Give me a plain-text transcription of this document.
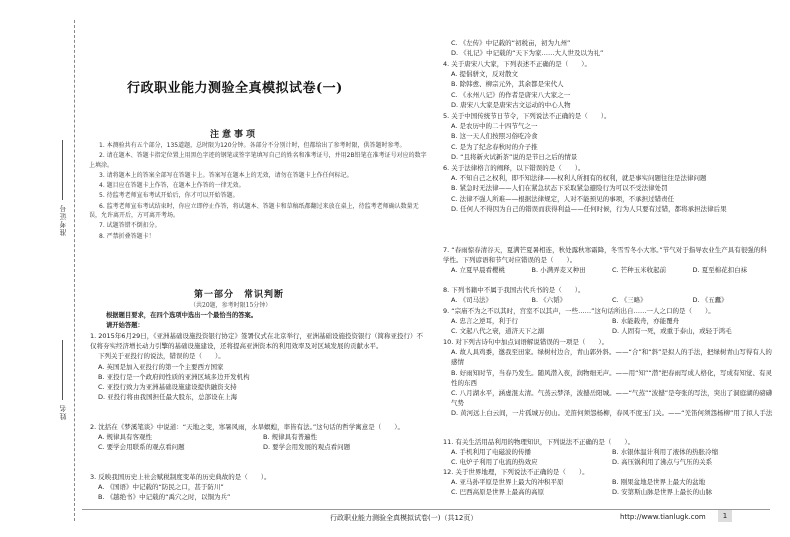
准考证号
姓名
行政职业能力测验全真模拟试卷(一)
注意事项

1. 本测验共有五个部分，135道题，总时限为120分钟。各部分不分别计时，但都给出了参考时限，供答题时参考。

2. 请在题本、答题卡指定位置上用黑色字迹的钢笔或签字笔填写自己的姓名和准考证号，并用2B铅笔在准考证号对应的数字上填涂。

3. 请将题本上的答案全部写在答题卡上。答案写在题本上的无效，请勿在答题卡上作任何标记。

4. 题目应在答题卡上作答，在题本上作答的一律无效。

5. 待监考老师宣布考试开始后，你才可以开始答题。

6. 监考老师宣布考试结束时，你应立即停止作答，将试题本、答题卡和草稿纸都翻过来放在桌上，待监考老师确认数量无误，允许离开后，方可离开考场。

7. 试题答错不倒扣分。

8. 严禁折叠答题卡！

第一部分　常识判断
（共20题，参考时限15分钟）
根据题目要求，在四个选项中选出一个最恰当的答案。
请开始答题：

1. 2015年6月29日，《亚洲基础设施投资银行协定》签署仪式在北京举行，亚洲基础设施投资银行（简称亚投行）不仅将夯实经济增长动力引擎的基础设施建设，还将提高亚洲资本的利用效率及对区域发展的贡献水平。

下列关于亚投行的说法，错误的是（　　）。

A. 英国是加入亚投行的第一个主要西方国家

B. 亚投行是一个政府间性质的亚洲区域多边开发机构

C. 亚投行致力为亚洲基础设施建设提供融资支持

D. 亚投行将由我国担任最大股东，总部设在上海

2. 沈括在《梦溪笔谈》中说道：“天地之变，寒暑风雨，水旱螟蝗，率皆有法。”这句话的哲学寓意是（　　）。

A. 规律具有客观性	B. 规律具有普遍性
C. 要学会用联系的观点看问题	D. 要学会用发展的观点看问题

3. 反映我国历史上社会赋税制度变革的历史典故的是（　　）。

A. 《国语》中记载的“防民之口，甚于防川”

B. 《越绝书》中记载的“禹穴之时，以铜为兵”

C. 《左传》中记载的“初税亩，初为九州”

D. 《礼记》中记载的“天下为家……大人世及以为礼”

4. 关于唐宋八大家，下列表述不正确的是（　　）。

A. 提倡骈文，反对散文

B. 除韩愈、柳宗元外，其余都是宋代人

C. 《永州八记》的作者是唐宋八大家之一

D. 唐宋八大家是唐宋古文运动的中心人物

5. 关于中国传统节日节令，下列说法不正确的是（　　）。

A. 是农历中的二十四节气之一

B. 这一天人们按照习俗吃冷食

C. 是为了纪念春秋时的介子推

D. “且将新火试新茶”说的是节日之后的情景

6. 关于法律格言的阐释，以下错误的是（　　）。

A. 不知自己之权利，即不知法律——权利人所拥有的权利，就是事实问题往往是法律问题

B. 紧急时无法律——人们在紧急状态下采取紧急避险行为可以不受法律处罚

C. 法律不强人所难——根据法律规定，人对不能预见的事项，不承担过错责任

D. 任何人不得因为自己的错误而获得利益——任何时候，行为人只要有过错，都将承担法律后果

7. “春雨惊春清谷天，夏满芒夏暑相连，秋处露秋寒霜降，冬雪雪冬小大寒。”节气对于指导农业生产具有很强的科学性。下列谚语和节气对应错误的是（　　）。

A. 立夏早晨看樱桃	B. 小满弄麦又种田	C. 芒种玉米收起前	D. 夏至棉花扣白袜

8. 下列书籍中不属于我国古代兵书的是（　　）。

A. 《司马法》	B. 《六韬》	C. 《三略》	D. 《五蠹》

9. “宗庙不为之不以其时，宫室不以其声，一些……”这句话所出自……一人之口的是（　　）。

A. 忠言之逆耳，利于行	B. 水能载舟，亦能覆舟
C. 文起八代之衰，道济天下之溺	D. 人固有一死，或重于泰山，或轻于鸿毛

10. 对下列古诗句中加点词语解说错误的一项是（　　）。

A. 故人具鸡黍，邀我至田家。绿树村边合，青山郭外斜。——“合”和“斜”是拟人的手法，把绿树青山写得有人的感情

B. 好雨知时节，当春乃发生。随风潜入夜，润物细无声。——用“知”“潜”把春雨写成人格化，写成有知觉、有灵性的东西

C. 八月湖水平，涵虚混太清。气蒸云梦泽，波撼岳阳城。——“气蒸”“波撼”是夸张的写法，突出了洞庭湖的磅礴气势

D. 黄河远上白云间，一片孤城万仞山。羌笛何须怨杨柳，春风不度玉门关。——“羌笛何须怨杨柳”用了拟人手法

11. 有关生活用品利用的物理知识，下列说法不正确的是（　　）。

A. 手机利用了电磁波的传播	B. 水银体温计利用了液体的热胀冷缩
C. 电炉子利用了电流的热效应	D. 高压锅利用了沸点与气压的关系

12. 关于世界地理，下列说法不正确的是（　　）。

A. 亚马孙平原是世界上最大的冲积平原	B. 刚果盆地是世界上最大的盆地
C. 巴西高原是世界上最高的高原	D. 安第斯山脉是世界上最长的山脉
行政职业能力测验全真模拟试卷(一)（共12页）	http://www.tianlugk.com	1
